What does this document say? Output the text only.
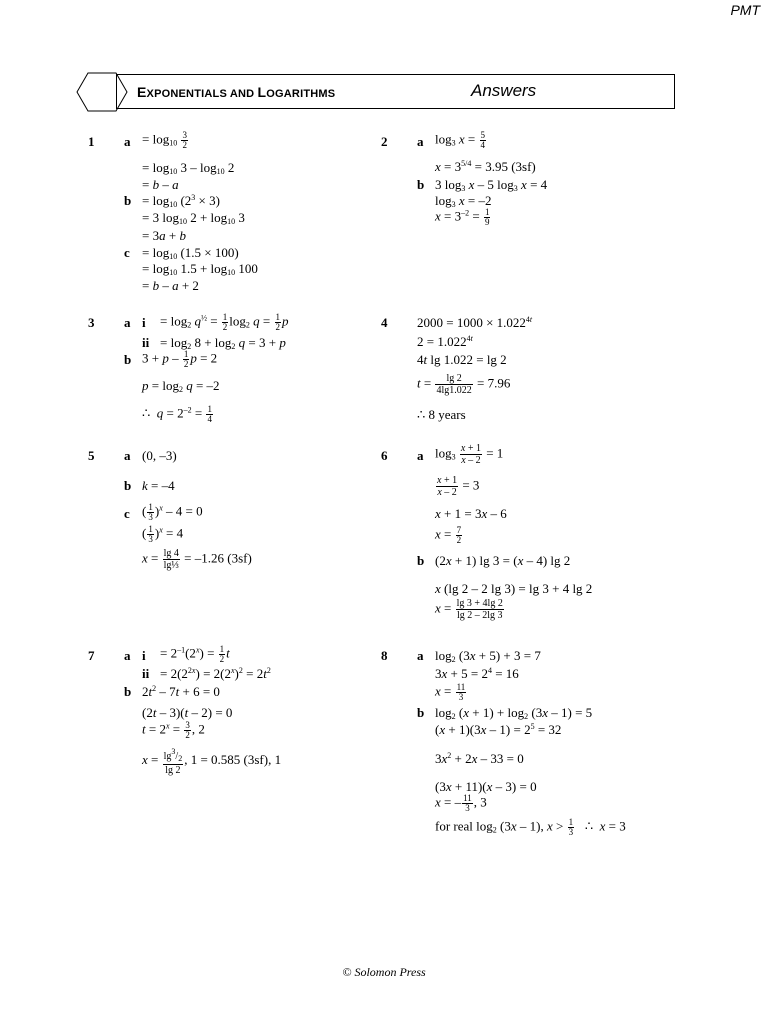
PMT
EXPONENTIALS AND LOGARITHMS	Answers
1 $a = \log_{10} \frac{3}{2}$
= $\log_{10} 3 - \log_{10} 2$
= b – a
$b = \log_{10} (2^3 \times 3)$
= 3 $\log_{10} 2 + \log_{10} 3$
= 3a + b
$c = \log_{10} (1.5 \times 100)$
= $\log_{10} 1.5 + \log_{10} 100$
= b – a + 2
2 a $\log_3 x = \frac{5}{4}$
$x = 3^{5/4} = 3.95$ (3sf)
b 3 $\log_3 x - 5$ $\log_3 x = 4$
$\log_3 x = -2$
$x = 3^{-2} = \frac{1}{9}$
3 a $i = \log_2 q^{\frac{1}{2}} = \frac{1}{2} \log_2 q = \frac{1}{2}$ p
ii = $\log_2 8 + \log_2 q = 3 + p$
b $3 + p - \frac{1}{2}$ p = 2
$p = \log_2 q = -2$
∴  $q = 2^{-2} = \frac{1}{4}$
4 $2000 = 1000 \times 1.022^{4t}$
$2 = 1.022^{4t}$
4t lg 1.022 = lg 2
$t = \frac{\lg 2}{4\lg 1.022} = 7.96$
∴ 8 years
5 a (0, –3)
b k = –4
c ( $\frac{1}{3} )^x - 4 = 0$
( $\frac{1}{3} )^x = 4$
$x = \frac{\lg 4}{\text{lg⅓}} = -1.26$ (3sf)
6 a $\log_3 \frac{x + 1}{x - 2} = 1$
$\frac{x + 1}{x - 2} = 3$
x + 1 = 3x – 6
$x = \frac{7}{2}$
b (2x + 1) lg 3 = (x – 4) lg 2
x (lg 2 – 2 lg 3) = lg 3 + 4 lg 2
$x = \frac{\lg 3 + 4\lg 2}{\lg 2 - 2\lg 3}$
7 a $i = 2^{-1}(2^x) = \frac{1}{2}$ t
ii = $2(2^{2x}) = 2(2^x)^2 = 2t^2$
b $2t^2 - 7t + 6 = 0$
(2t – 3)(t – 2) = 0
$t = 2^x = \frac{3}{2}$ , 2
$x = \frac{\lg^3/_2}{\lg 2}$ , 1 = 0.585 (3sf), 1
8 a $\log_2 (3x + 5) + 3 = 7$
$3x + 5 = 2^4 = 16$
$x = \frac{11}{3}$
b $\log_2 (x + 1) + \log_2 (3x - 1) = 5$
$(x + 1)(3x - 1) = 2^5 = 32$
$3x^2 + 2x - 33 = 0$
(3x + 11)(x – 3) = 0
x = – $\frac{11}{3}$ , 3
for real $\log_2 (3x - 1)$, $x > \frac{1}{3}$ ∴  x = 3
© Solomon Press
